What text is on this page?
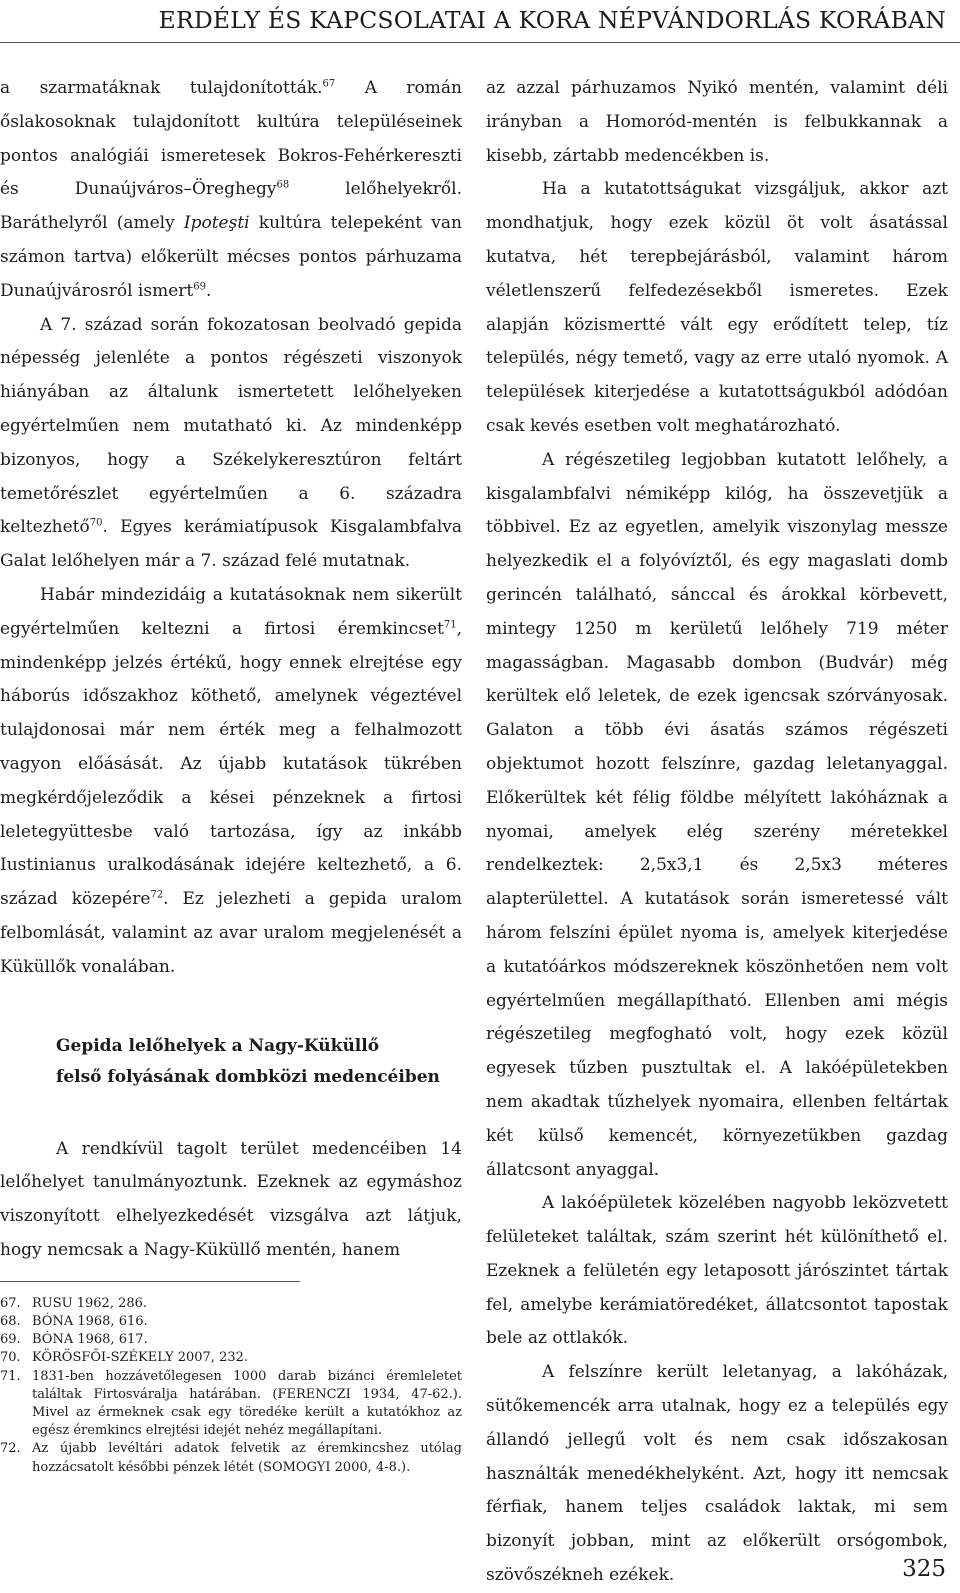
ERDÉLY ÉS KAPCSOLATAI A KORA NÉPVÁNDORLÁS KORÁBAN

a szarmatáknak tulajdonították.$^{67}$ A román őslakosoknak tulajdonított kultúra településeinek pontos analógiái ismeretesek Bokros-Fehérkereszti és Dunaújváros–Öreghegy$^{68}$ lelőhelyekről. Baráthelyről (amely Ipoteşti kultúra telepeként van számon tartva) előkerült mécses pontos párhuzama Dunaújvárosról ismert$^{69}$.

A 7. század során fokozatosan beolvadó gepida népesség jelenléte a pontos régészeti viszonyok hiányában az általunk ismertetett lelőhelyeken egyértelműen nem mutatható ki. Az mindenképp bizonyos, hogy a Székelykeresztúron feltárt temetőrészlet egyértelműen a 6. századra keltezhető$^{70}$. Egyes kerámiatípusok Kisgalambfalva Galat lelőhelyen már a 7. század felé mutatnak.

Habár mindezidáig a kutatásoknak nem sikerült egyértelműen keltezni a firtosi éremkincset$^{71}$, mindenképp jelzés értékű, hogy ennek elrejtése egy háborús időszakhoz köthető, amelynek végeztével tulajdonosai már nem érték meg a felhalmozott vagyon előásását. Az újabb kutatások tükrében megkérdőjeleződik a kései pénzeknek a firtosi leletegyüttesbe való tartozása, így az inkább Iustinianus uralkodásának idejére keltezhető, a 6. század közepére$^{72}$. Ez jelezheti a gepida uralom felbomlását, valamint az avar uralom megjelenését a Küküllők vonalában.

Gepida lelőhelyek a Nagy-Küküllő
felső folyásának dombközi medencéiben

A rendkívül tagolt terület medencéiben 14 lelőhelyet tanulmányoztunk. Ezeknek az egymáshoz viszonyított elhelyezkedését vizsgálva azt látjuk, hogy nemcsak a Nagy-Küküllő mentén, hanem

67. RUSU 1962, 286.
68. BÓNA 1968, 616.
69. BÓNA 1968, 617.
70. KÖRÖSFŐI-SZÉKELY 2007, 232.
71. 1831-ben hozzávetőlegesen 1000 darab bizánci éremleletet találtak Firtosváralja határában. (FERENCZI 1934, 47-62.). Mivel az érmeknek csak egy töredéke került a kutatókhoz az egész éremkincs elrejtési idejét nehéz megállapítani.
72. Az újabb levéltári adatok felvetik az éremkincshez utólag hozzácsatolt későbbi pénzek létét (SOMOGYI 2000, 4-8.).

az azzal párhuzamos Nyikó mentén, valamint déli irányban a Homoród-mentén is felbukkannak a kisebb, zártabb medencékben is.

Ha a kutatottságukat vizsgáljuk, akkor azt mondhatjuk, hogy ezek közül öt volt ásatással kutatva, hét terepbejárásból, valamint három véletlenszerű felfedezésekből ismeretes. Ezek alapján közismertté vált egy erődített telep, tíz település, négy temető, vagy az erre utaló nyomok. A települések kiterjedése a kutatottságukból adódóan csak kevés esetben volt meghatározható.

A régészetileg legjobban kutatott lelőhely, a kisgalambfalvi némiképp kilóg, ha összevetjük a többivel. Ez az egyetlen, amelyik viszonylag messze helyezkedik el a folyóvíztől, és egy magaslati domb gerincén található, sánccal és árokkal körbevett, mintegy 1250 m kerületű lelőhely 719 méter magasságban. Magasabb dombon (Budvár) még kerültek elő leletek, de ezek igencsak szórványosak. Galaton a több évi ásatás számos régészeti objektumot hozott felszínre, gazdag leletanyaggal. Előkerültek két félig földbe mélyített lakóháznak a nyomai, amelyek elég szerény méretekkel rendelkeztek: 2,5x3,1 és 2,5x3 méteres alapterülettel. A kutatások során ismeretessé vált három felszíni épület nyoma is, amelyek kiterjedése a kutatóárkos módszereknek köszönhetően nem volt egyértelműen megállapítható. Ellenben ami mégis régészetileg megfogható volt, hogy ezek közül egyesek tűzben pusztultak el. A lakóépületekben nem akadtak tűzhelyek nyomaira, ellenben feltártak két külső kemencét, környezetükben gazdag állatcsont anyaggal.

A lakóépületek közelében nagyobb leközvetett felületeket találtak, szám szerint hét különíthető el. Ezeknek a felületén egy letaposott járószintet tártak fel, amelybe kerámiatöredéket, állatcsontot tapostak bele az ottlakók.

A felszínre került leletanyag, a lakóházak, sütőkemencék arra utalnak, hogy ez a település egy állandó jellegű volt és nem csak időszakosan használták menedékhelyként. Azt, hogy itt nemcsak férfiak, hanem teljes családok laktak, mi sem bizonyít jobban, mint az előkerült orsógombok, szövőszékneh ezékek.	325
